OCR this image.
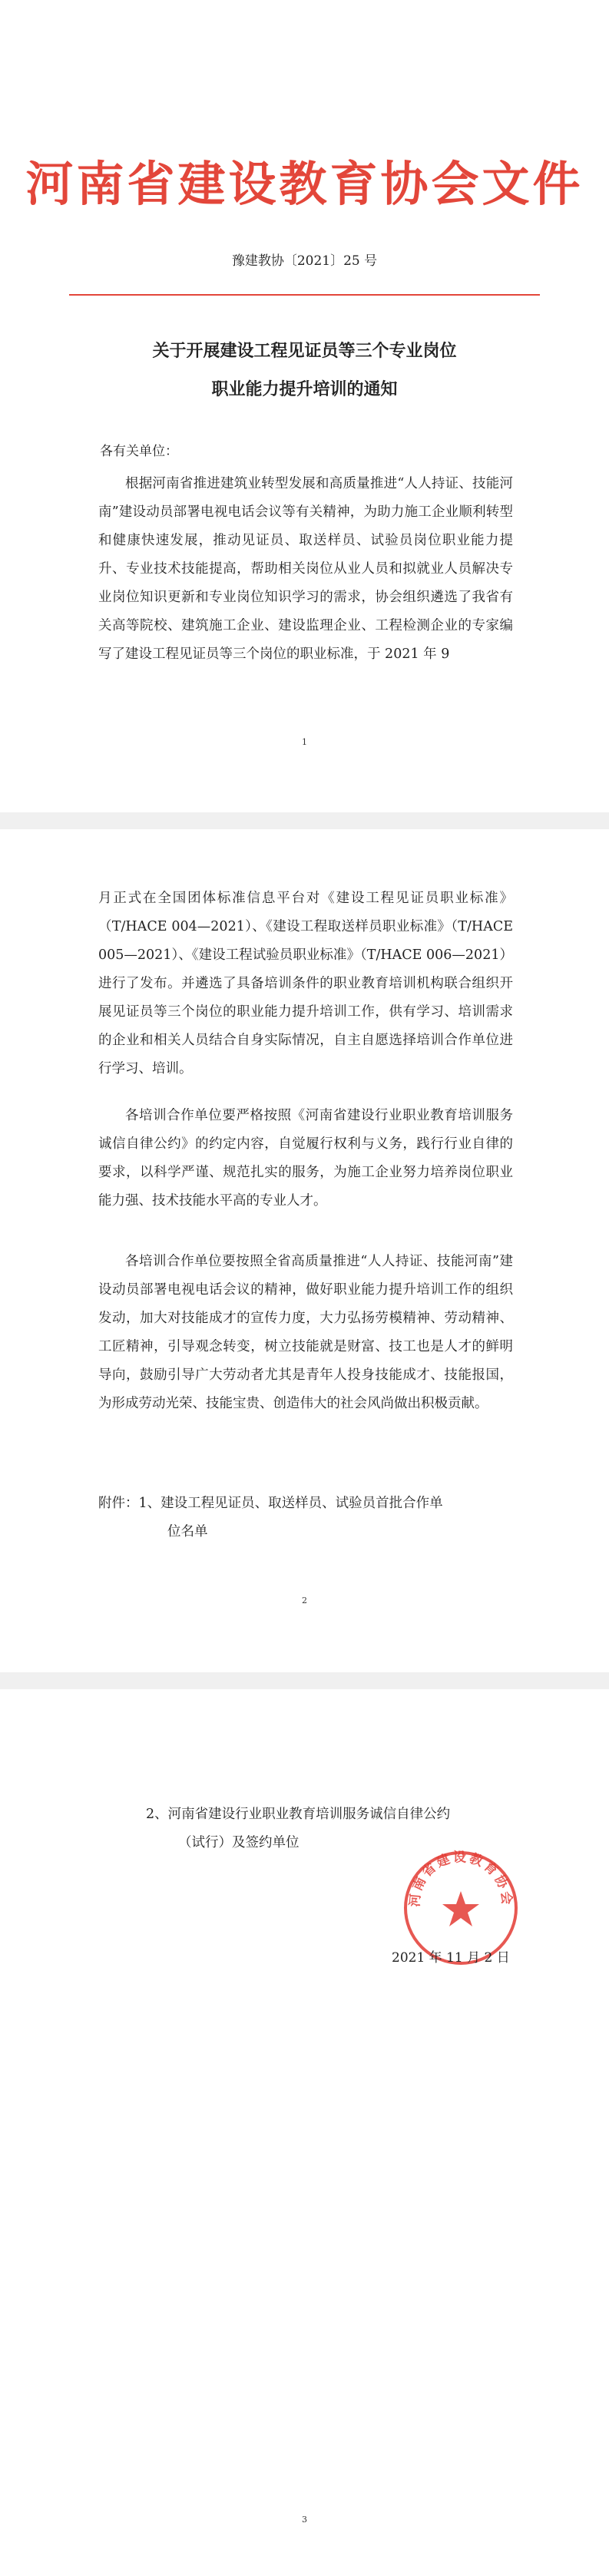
河南省建设教育协会文件
豫建教协〔2021〕25 号
关于开展建设工程见证员等三个专业岗位
职业能力提升培训的通知
各有关单位：

根据河南省推进建筑业转型发展和高质量推进“人人持证、技能河南”建设动员部署电视电话会议等有关精神，为助力施工企业顺利转型和健康快速发展，推动见证员、取送样员、试验员岗位职业能力提升、专业技术技能提高，帮助相关岗位从业人员和拟就业人员解决专业岗位知识更新和专业岗位知识学习的需求，协会组织遴选了我省有关高等院校、建筑施工企业、建设监理企业、工程检测企业的专家编写了建设工程见证员等三个岗位的职业标准，于 2021 年 9

1

月正式在全国团体标准信息平台对《建设工程见证员职业标准》（T/HACE 004—2021）、《建设工程取送样员职业标准》（T/HACE 005—2021）、《建设工程试验员职业标准》（T/HACE 006—2021）进行了发布。并遴选了具备培训条件的职业教育培训机构联合组织开展见证员等三个岗位的职业能力提升培训工作，供有学习、培训需求的企业和相关人员结合自身实际情况，自主自愿选择培训合作单位进行学习、培训。

各培训合作单位要严格按照《河南省建设行业职业教育培训服务诚信自律公约》的约定内容，自觉履行权利与义务，践行行业自律的要求，以科学严谨、规范扎实的服务，为施工企业努力培养岗位职业能力强、技术技能水平高的专业人才。

各培训合作单位要按照全省高质量推进“人人持证、技能河南”建设动员部署电视电话会议的精神，做好职业能力提升培训工作的组织发动，加大对技能成才的宣传力度，大力弘扬劳模精神、劳动精神、工匠精神，引导观念转变，树立技能就是财富、技工也是人才的鲜明导向，鼓励引导广大劳动者尤其是青年人投身技能成才、技能报国，为形成劳动光荣、技能宝贵、创造伟大的社会风尚做出积极贡献。

附件：1、建设工程见证员、取送样员、试验员首批合作单
位名单
2
2、河南省建设行业职业教育培训服务诚信自律公约
（试行）及签约单位
河南省建设教育协会
2021 年 11 月 2 日
3
